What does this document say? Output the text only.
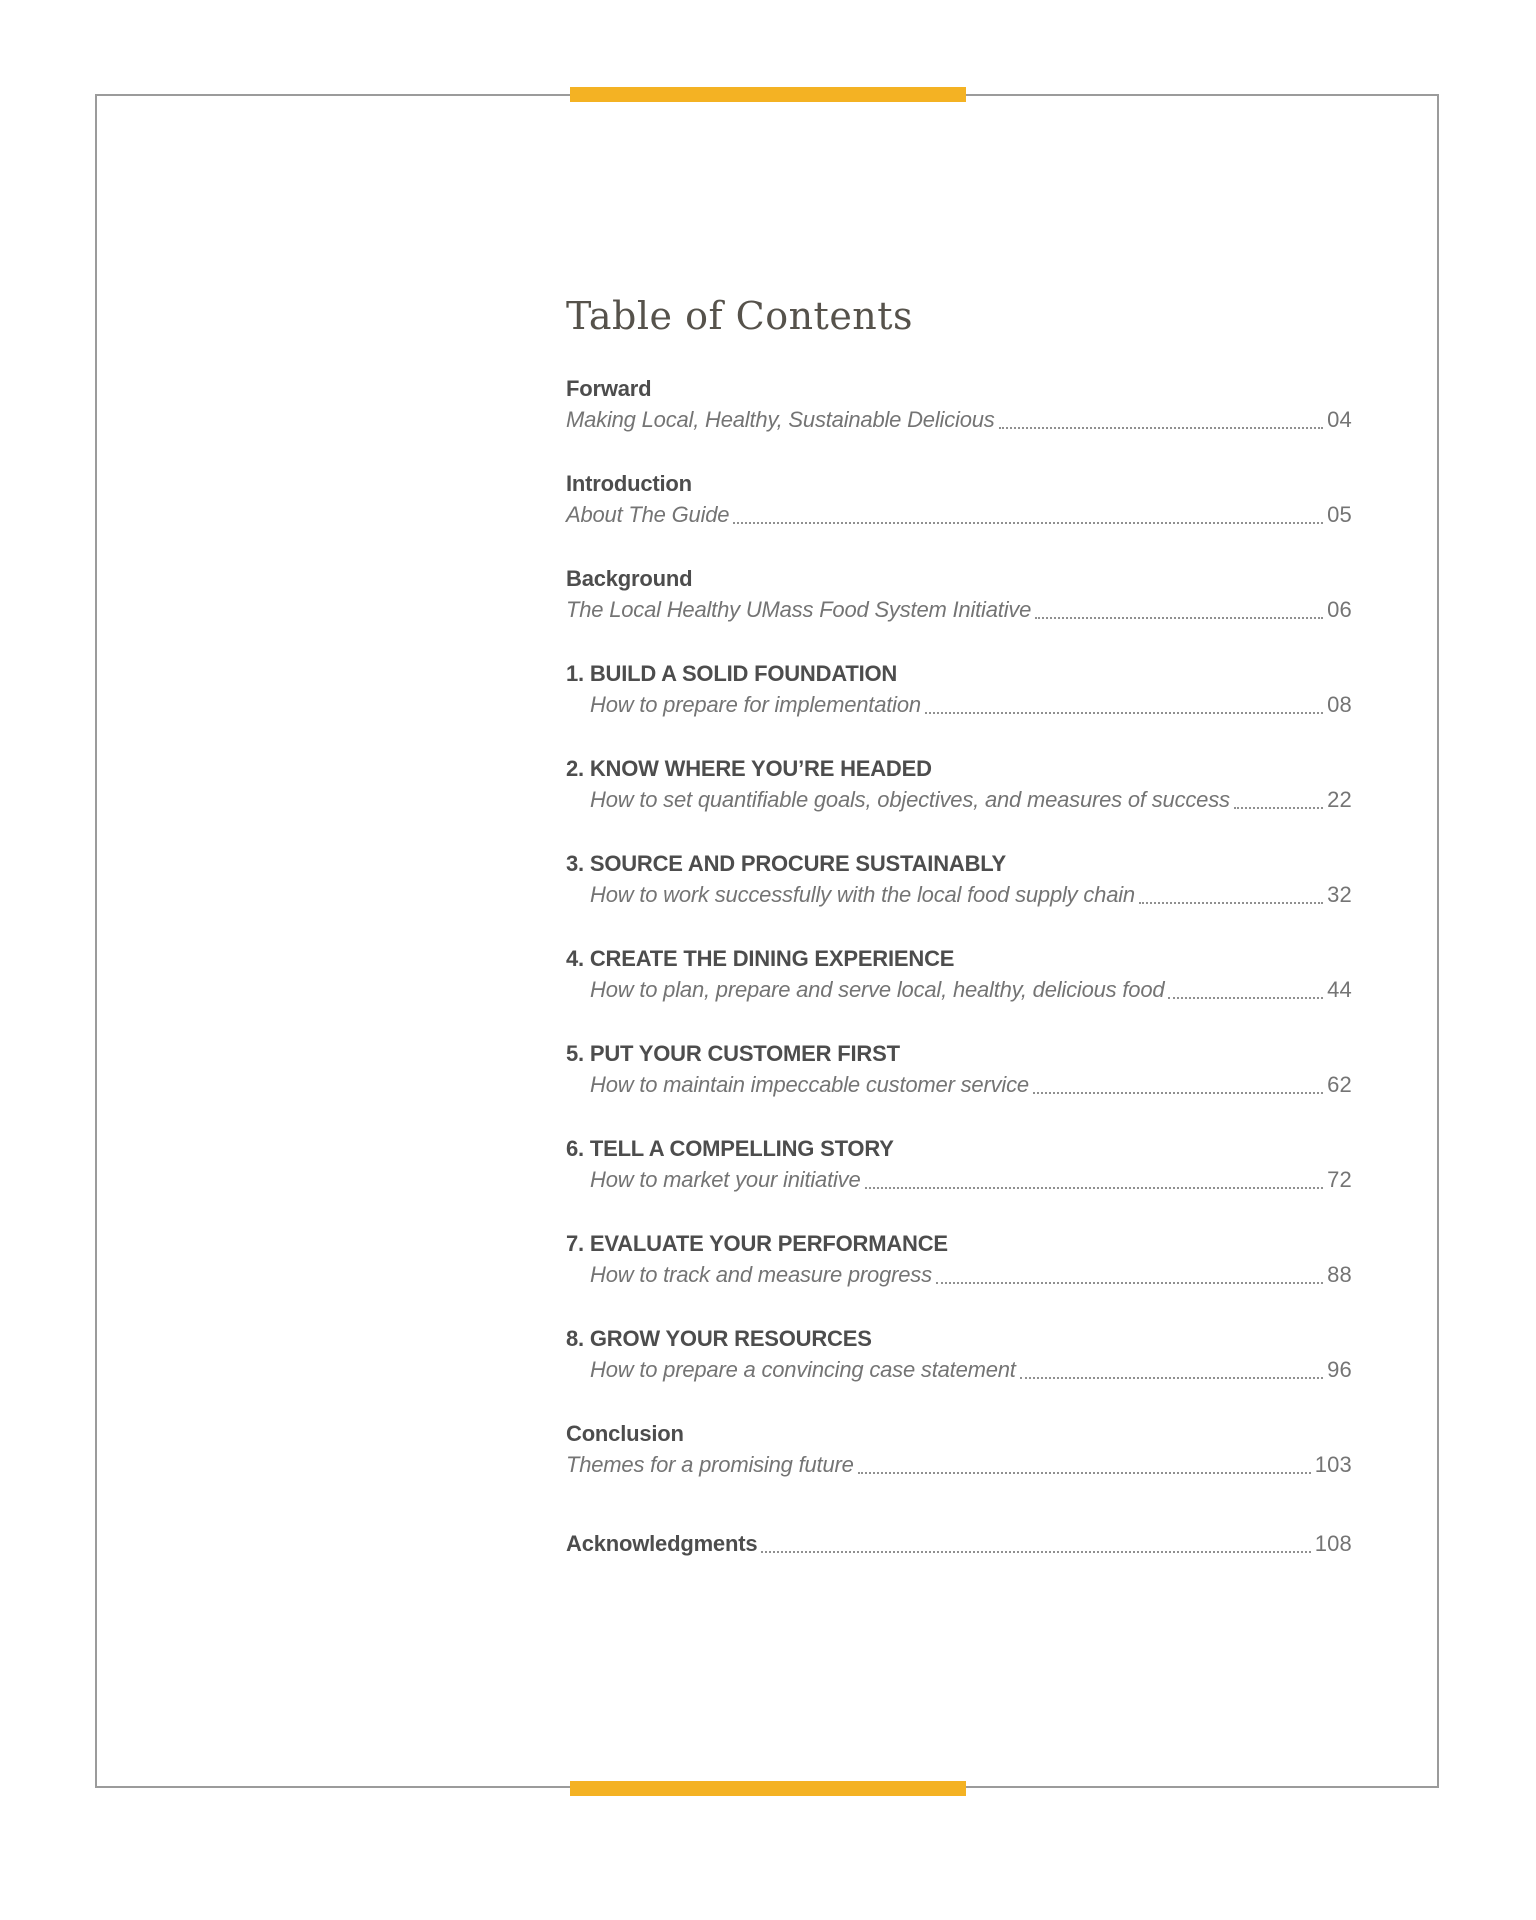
Table of Contents
Forward
Making Local, Healthy, Sustainable Delicious	04
Introduction
About The Guide	05
Background
The Local Healthy UMass Food System Initiative	06
1. BUILD A SOLID FOUNDATION
How to prepare for implementation	08
2. KNOW WHERE YOU’RE HEADED
How to set quantifiable goals, objectives, and measures of success	22
3. SOURCE AND PROCURE SUSTAINABLY
How to work successfully with the local food supply chain	32
4. CREATE THE DINING EXPERIENCE
How to plan, prepare and serve local, healthy, delicious food	44
5. PUT YOUR CUSTOMER FIRST
How to maintain impeccable customer service	62
6. TELL A COMPELLING STORY
How to market your initiative	72
7. EVALUATE YOUR PERFORMANCE
How to track and measure progress	88
8. GROW YOUR RESOURCES
How to prepare a convincing case statement	96
Conclusion
Themes for a promising future	103
Acknowledgments	108
